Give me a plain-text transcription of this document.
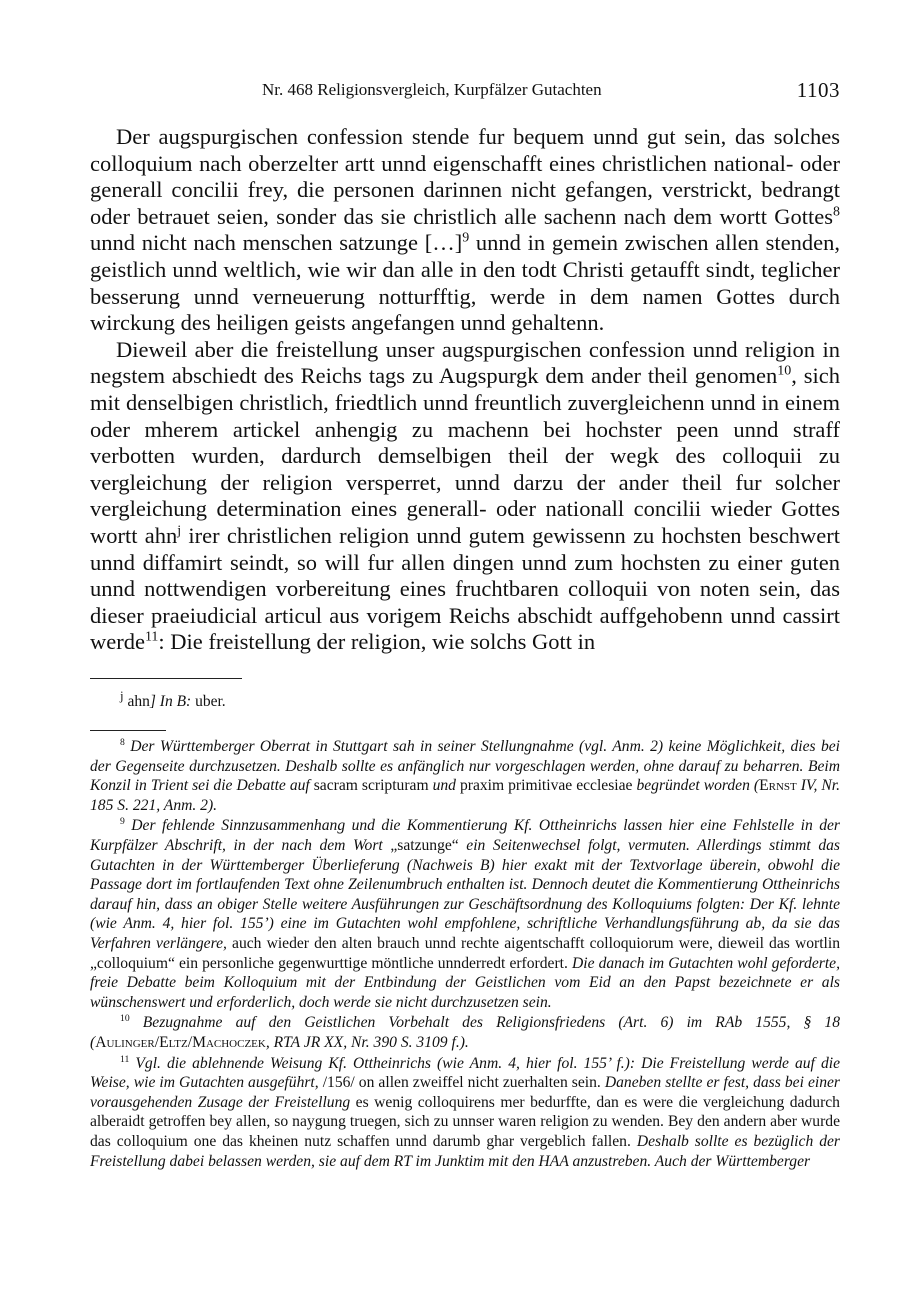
Nr. 468 Religionsvergleich, Kurpfälzer Gutachten	1103

Der augspurgischen confession stende fur bequem unnd gut sein, das solches colloquium nach oberzelter artt unnd eigenschafft eines christlichen national- oder generall concilii frey, die personen darinnen nicht gefangen, verstrickt, bedrangt oder betrauet seien, sonder das sie christlich alle sachenn nach dem wortt Gottes$^8$ unnd nicht nach menschen satzunge […]$^9$ unnd in gemein zwischen allen stenden, geistlich unnd weltlich, wie wir dan alle in den todt Christi getaufft sindt, teglicher besserung unnd verneuerung notturfftig, werde in dem namen Gottes durch wirckung des heiligen geists angefangen unnd gehaltenn.

Dieweil aber die freistellung unser augspurgischen confession unnd religion in negstem abschiedt des Reichs tags zu Augspurgk dem ander theil genomen$^{10}$, sich mit denselbigen christlich, friedtlich unnd freuntlich zuvergleichenn unnd in einem oder mherem artickel anhengig zu machenn bei hochster peen unnd straff verbotten wurden, dardurch demselbigen theil der wegk des colloquii zu vergleichung der religion versperret, unnd darzu der ander theil fur solcher vergleichung determination eines generall- oder nationall concilii wieder Gottes wortt ahn$^j$ irer christlichen religion unnd gutem gewissenn zu hochsten beschwert unnd diffamirt seindt, so will fur allen dingen unnd zum hochsten zu einer guten unnd nottwendigen vorbereitung eines fruchtbaren colloquii von noten sein, das dieser praeiudicial articul aus vorigem Reichs abschidt auffgehobenn unnd cassirt werde$^{11}$: Die freistellung der religion, wie solchs Gott in

$^j$ ahn] In B: uber.

$^8$ Der Württemberger Oberrat in Stuttgart sah in seiner Stellungnahme (vgl. Anm. 2) keine Möglichkeit, dies bei der Gegenseite durchzusetzen. Deshalb sollte es anfänglich nur vorgeschlagen werden, ohne darauf zu beharren. Beim Konzil in Trient sei die Debatte auf sacram scripturam und praxim primitivae ecclesiae begründet worden (Ernst IV, Nr. 185 S. 221, Anm. 2).

$^9$ Der fehlende Sinnzusammenhang und die Kommentierung Kf. Ottheinrichs lassen hier eine Fehlstelle in der Kurpfälzer Abschrift, in der nach dem Wort „satzunge“ ein Seitenwechsel folgt, vermuten. Allerdings stimmt das Gutachten in der Württemberger Überlieferung (Nachweis B) hier exakt mit der Textvorlage überein, obwohl die Passage dort im fortlaufenden Text ohne Zeilenumbruch enthalten ist. Dennoch deutet die Kommentierung Ottheinrichs darauf hin, dass an obiger Stelle weitere Ausführungen zur Geschäftsordnung des Kolloquiums folgten: Der Kf. lehnte (wie Anm. 4, hier fol. 155’) eine im Gutachten wohl empfohlene, schriftliche Verhandlungsführung ab, da sie das Verfahren verlängere, auch wieder den alten brauch unnd rechte aigentschafft colloquiorum were, dieweil das wortlin „colloquium“ ein personliche gegenwurttige möntliche unnderredt erfordert. Die danach im Gutachten wohl geforderte, freie Debatte beim Kolloquium mit der Entbindung der Geistlichen vom Eid an den Papst bezeichnete er als wünschenswert und erforderlich, doch werde sie nicht durchzusetzen sein.

$^{10}$ Bezugnahme auf den Geistlichen Vorbehalt des Religionsfriedens (Art. 6) im RAb 1555, § 18 (Aulinger/Eltz/Machoczek, RTA JR XX, Nr. 390 S. 3109 f.).

$^{11}$ Vgl. die ablehnende Weisung Kf. Ottheinrichs (wie Anm. 4, hier fol. 155’ f.): Die Freistellung werde auf die Weise, wie im Gutachten ausgeführt, /156/ on allen zweiffel nicht zuerhalten sein. Daneben stellte er fest, dass bei einer vorausgehenden Zusage der Freistellung es wenig colloquirens mer bedurffte, dan es were die vergleichung dadurch alberaidt getroffen bey allen, so naygung truegen, sich zu unnser waren religion zu wenden. Bey den andern aber wurde das colloquium one das kheinen nutz schaffen unnd darumb ghar vergeblich fallen. Deshalb sollte es bezüglich der Freistellung dabei belassen werden, sie auf dem RT im Junktim mit den HAA anzustreben. Auch der Württemberger
